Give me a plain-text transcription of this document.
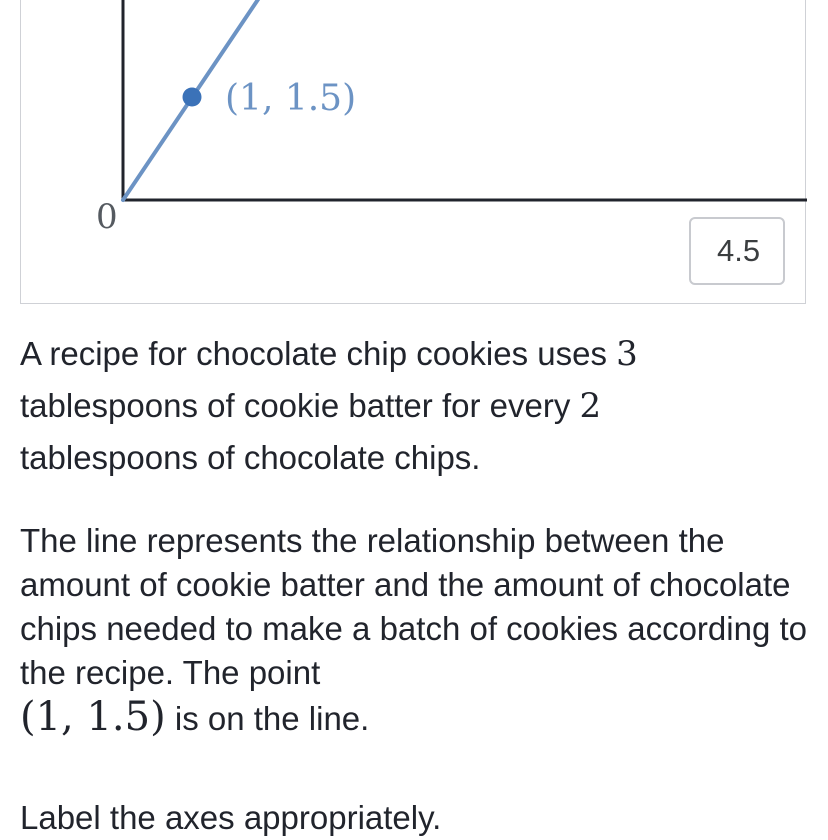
(1, 1.5)
0
4.5

A recipe for chocolate chip cookies uses 3
tablespoons of cookie batter for every 2
tablespoons of chocolate chips.

The line represents the relationship between the amount of cookie batter and the amount of chocolate chips needed to make a batch of cookies according to the recipe. The point
(1, 1.5) is on the line.

Label the axes appropriately.
